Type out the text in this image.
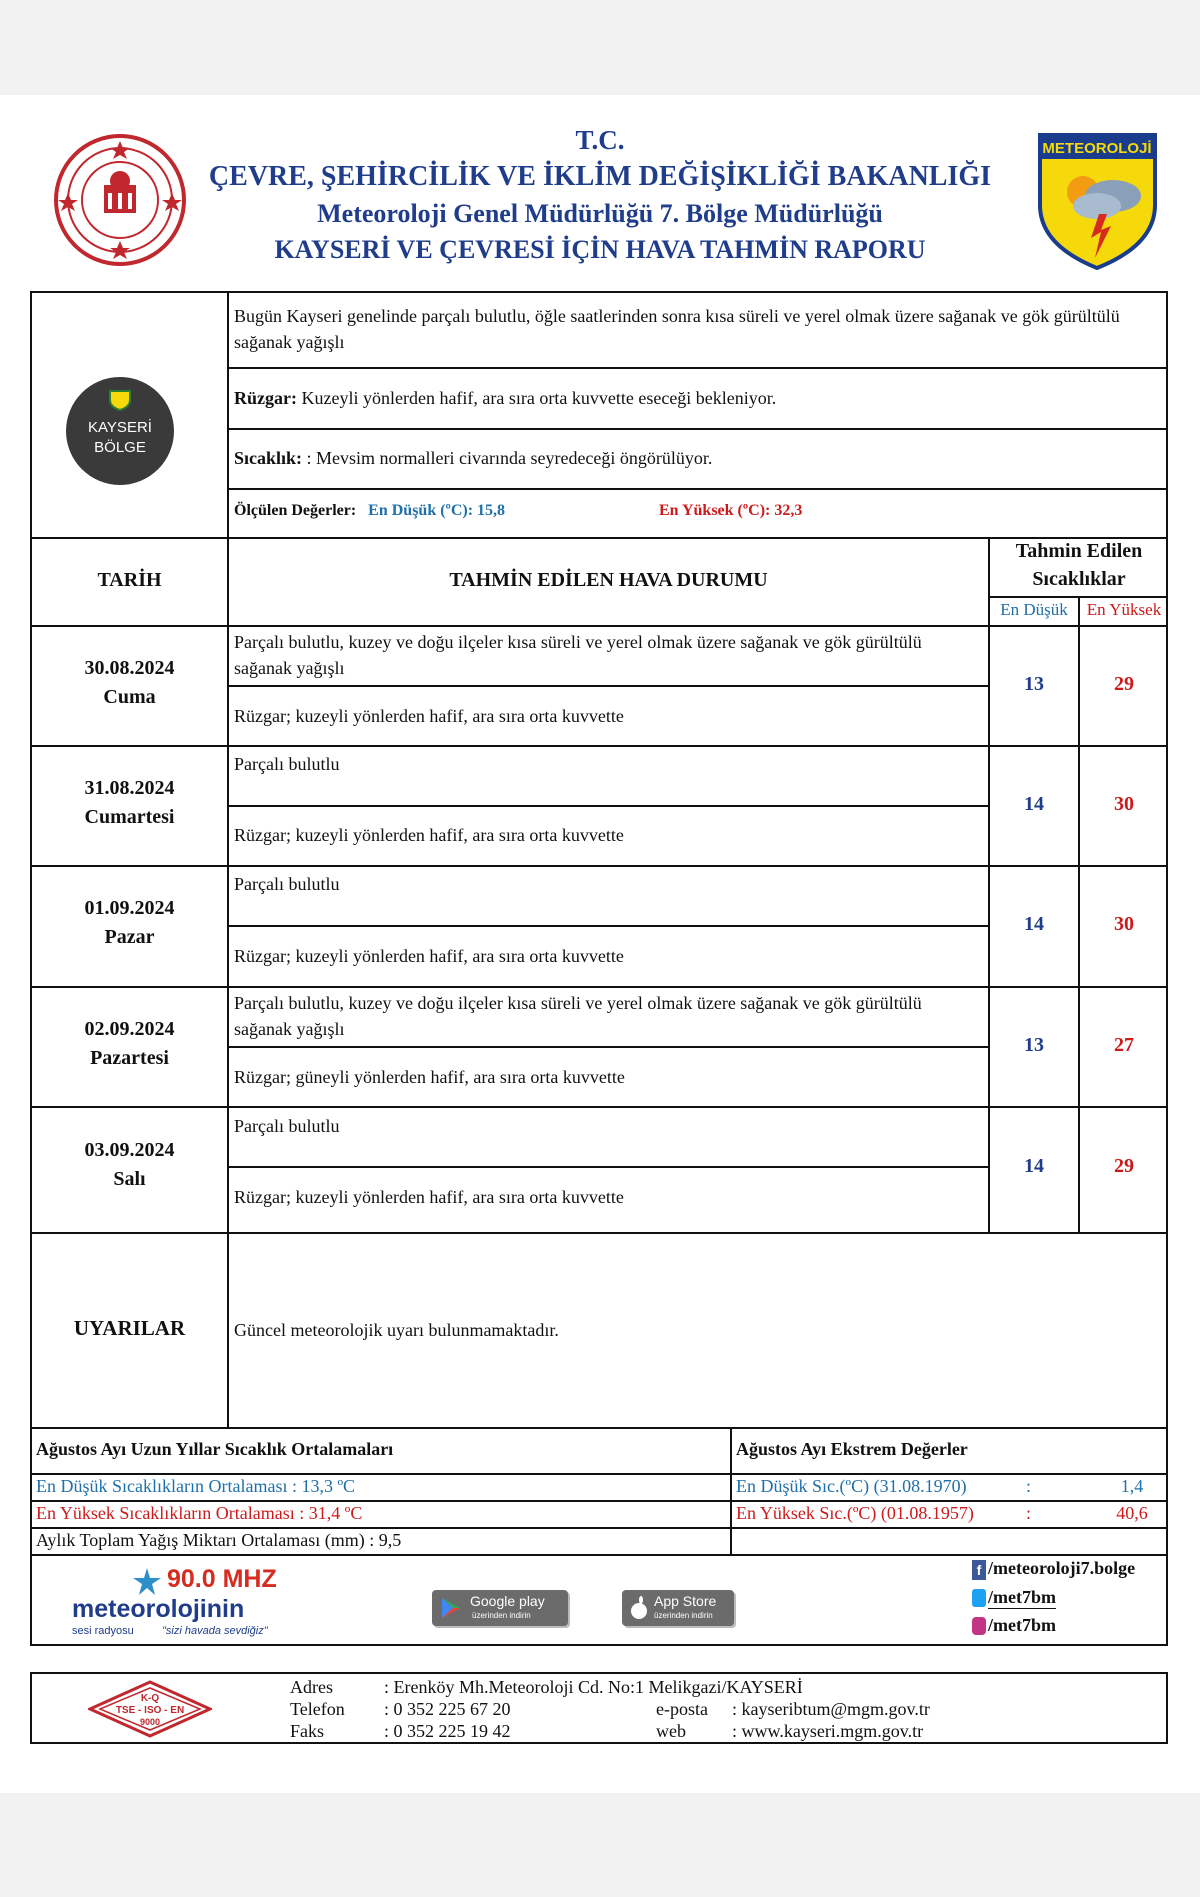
T.C.
ÇEVRE, ŞEHİRCİLİK VE İKLİM DEĞİŞİKLİĞİ BAKANLIĞI
Meteoroloji Genel Müdürlüğü 7. Bölge Müdürlüğü
KAYSERİ VE ÇEVRESİ İÇİN HAVA TAHMİN RAPORU
METEOROLOJİ
KAYSERİ
BÖLGE
Bugün Kayseri genelinde parçalı bulutlu, öğle saatlerinden sonra kısa süreli ve yerel olmak üzere sağanak ve gök gürültülü sağanak yağışlı
Rüzgar: Kuzeyli yönlerden hafif, ara sıra orta kuvvette eseceği bekleniyor.
Sıcaklık: : Mevsim normalleri civarında seyredeceği öngörülüyor.
Ölçülen Değerler: En Düşük (ºC): 15,8	En Yüksek (ºC): 32,3
TARİH	TAHMİN EDİLEN HAVA DURUMU
Tahmin Edilen Sıcaklıklar
En Düşük	En Yüksek
30.08.2024
Cuma
Parçalı bulutlu, kuzey ve doğu ilçeler kısa süreli ve yerel olmak üzere sağanak ve gök gürültülü sağanak yağışlı
Rüzgar; kuzeyli yönlerden hafif, ara sıra orta kuvvette
13	29
31.08.2024
Cumartesi
Parçalı bulutlu
Rüzgar; kuzeyli yönlerden hafif, ara sıra orta kuvvette
14	30
01.09.2024
Pazar
Parçalı bulutlu
Rüzgar; kuzeyli yönlerden hafif, ara sıra orta kuvvette
14	30
02.09.2024
Pazartesi
Parçalı bulutlu, kuzey ve doğu ilçeler kısa süreli ve yerel olmak üzere sağanak ve gök gürültülü sağanak yağışlı
Rüzgar; güneyli yönlerden hafif, ara sıra orta kuvvette
13	27
03.09.2024
Salı
Parçalı bulutlu
Rüzgar; kuzeyli yönlerden hafif, ara sıra orta kuvvette
14	29
UYARILAR	Güncel meteorolojik uyarı bulunmamaktadır.
Ağustos Ayı Uzun Yıllar Sıcaklık Ortalamaları	Ağustos Ayı Ekstrem Değerler
En Düşük Sıcaklıkların Ortalaması : 13,3 ºC
En Yüksek Sıcaklıkların Ortalaması : 31,4 ºC
Aylık Toplam Yağış Miktarı Ortalaması (mm) : 9,5
En Düşük Sıc.(ºC) (31.08.1970)	:	1,4
En Yüksek Sıc.(ºC) (01.08.1957)	:	40,6
90.0 MHZ
meteorolojinin
sesi radyosu	"sizi havada sevdiğiz"
Google play
üzerinden indirin
App Store
üzerinden indirin
f /meteoroloji7.bolge
/met7bm
/met7bm
K-Q
TSE - ISO - EN
9000
Adres	: Erenköy Mh.Meteoroloji Cd. No:1 Melikgazi/KAYSERİ
Telefon : 0 352 225 67 20
Faks	: 0 352 225 19 42
e-posta : kayseribtum@mgm.gov.tr
web	: www.kayseri.mgm.gov.tr
